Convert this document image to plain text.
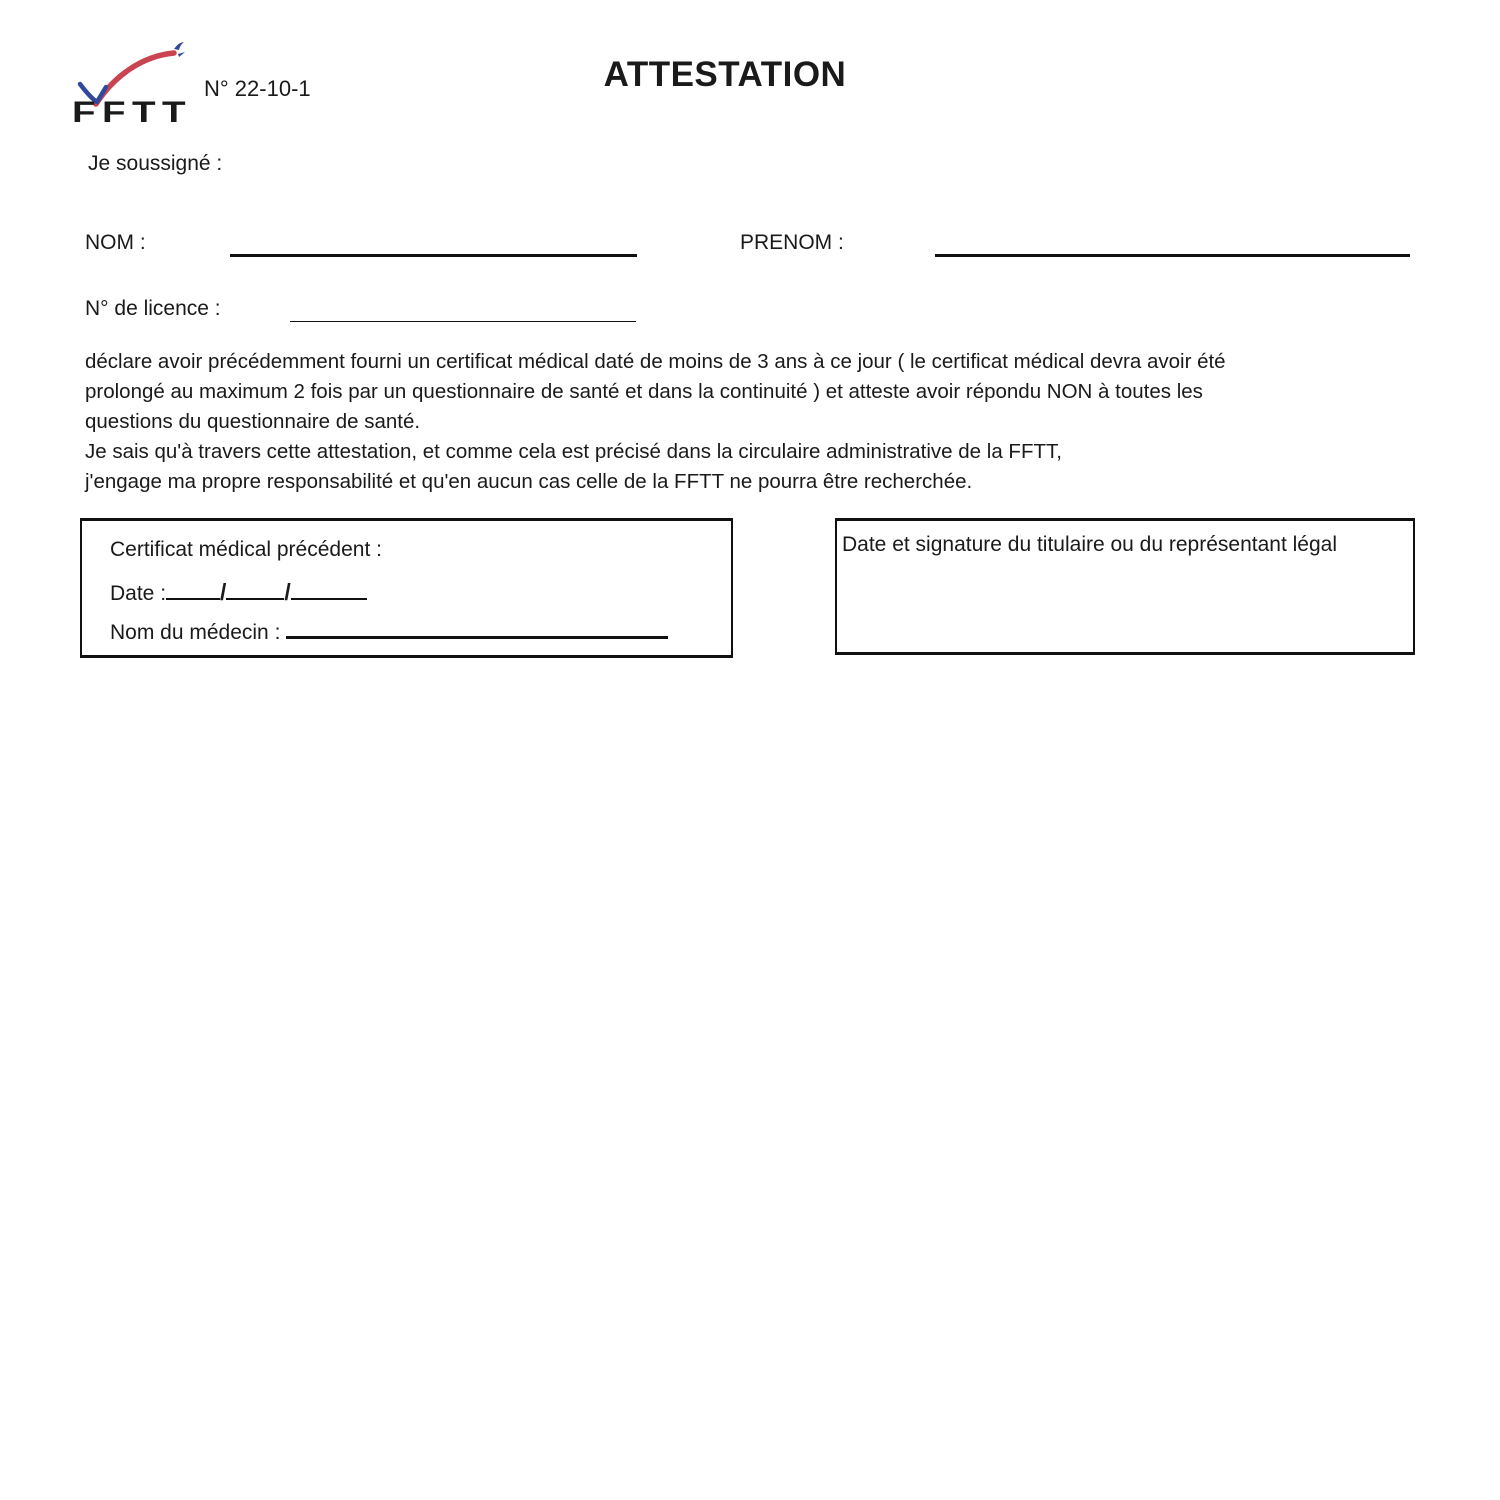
FFTT
N° 22-10-1	ATTESTATION
Je soussigné :
NOM :	PRENOM :
N° de licence :
déclare avoir précédemment fourni un certificat médical daté de moins de 3 ans à ce jour ( le certificat médical devra avoir été
prolongé au maximum 2 fois par un questionnaire de santé et dans la continuité ) et atteste avoir répondu NON à toutes les
questions du questionnaire de santé.
Je sais qu'à travers cette attestation, et comme cela est précisé dans la circulaire administrative de la FFTT,
j'engage ma propre responsabilité et qu'en aucun cas celle de la FFTT ne pourra être recherchée.
Certificat médical précédent :
Date : /	/
Nom du médecin :
Date et signature du titulaire ou du représentant légal
